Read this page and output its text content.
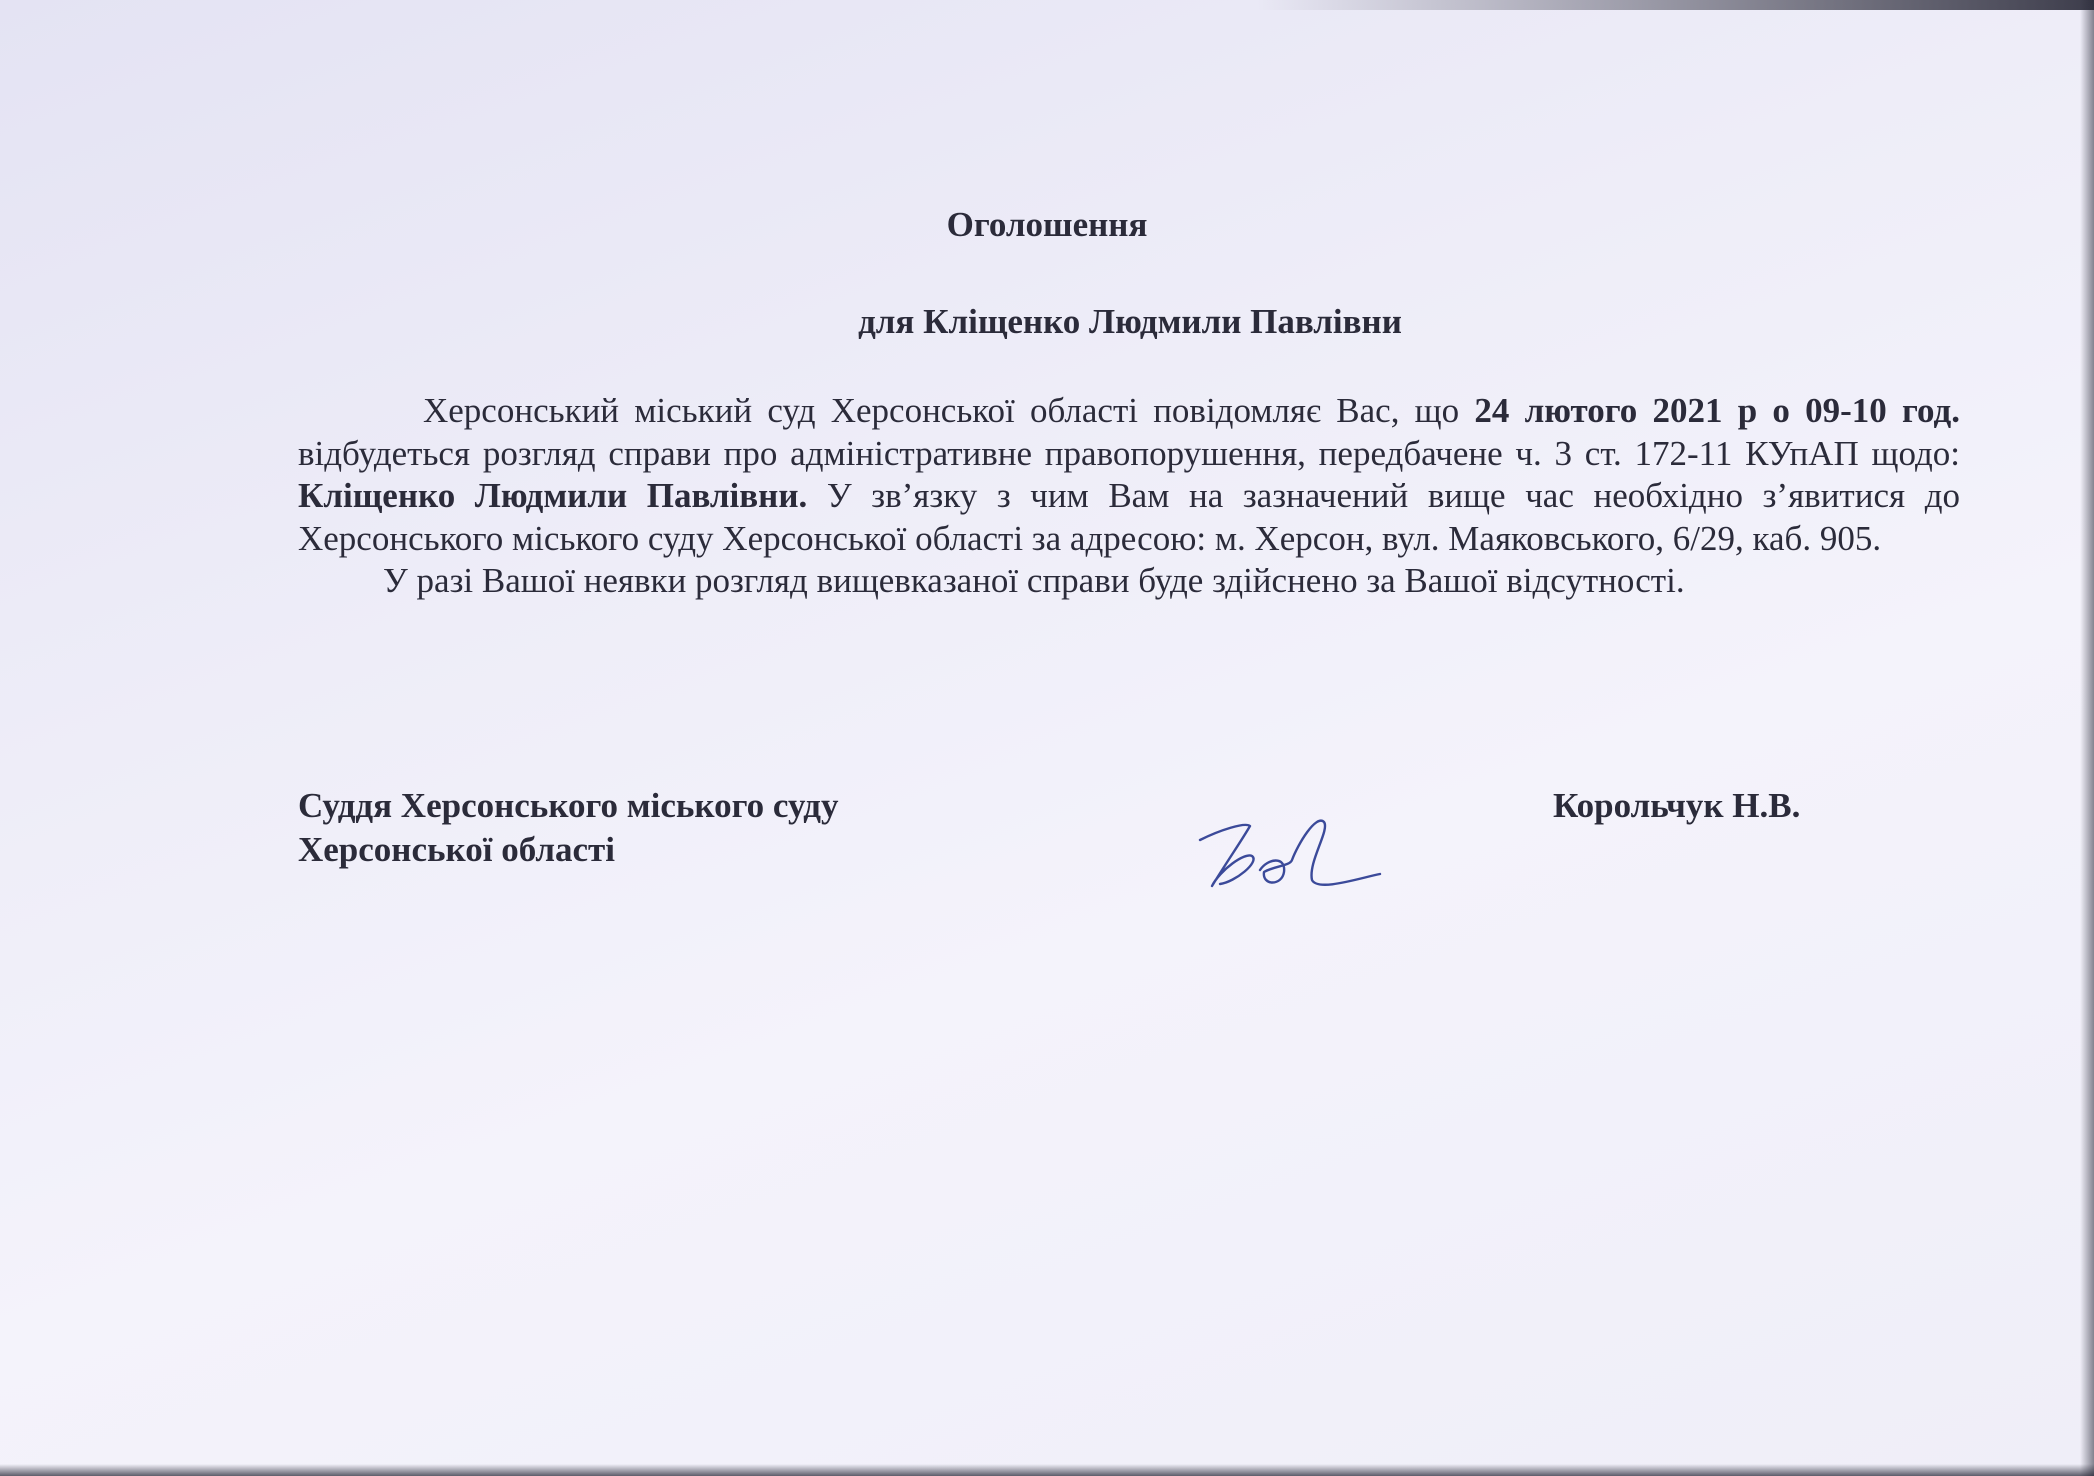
Оголошення
для Кліщенко Людмили Павлівни

Херсонський міський суд Херсонської області повідомляє Вас, що 24 лютого 2021 р о 09-10 год. відбудеться розгляд справи про адміністративне правопорушення, передбачене ч. 3 ст. 172-11 КУпАП щодо: Кліщенко Людмили Павлівни. У зв’язку з чим Вам на зазначений вище час необхідно з’явитися до Херсонського міського суду Херсонської області за адресою: м. Херсон, вул. Маяковського, 6/29, каб. 905.

У разі Вашої неявки розгляд вищевказаної справи буде здійснено за Вашої відсутності.

Суддя Херсонського міського суду
Херсонської області
Корольчук Н.В.
